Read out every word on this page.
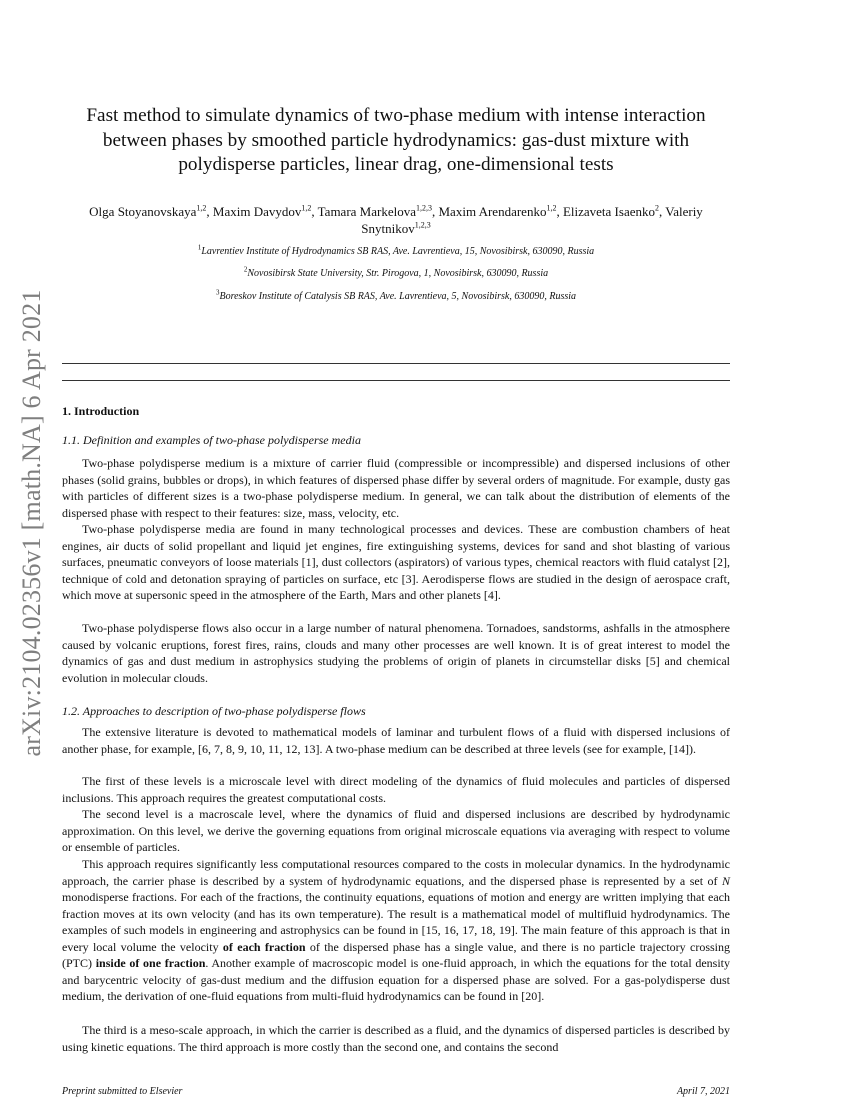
arXiv:2104.02356v1 [math.NA] 6 Apr 2021
Fast method to simulate dynamics of two-phase medium with intense interaction between phases by smoothed particle hydrodynamics: gas-dust mixture with polydisperse particles, linear drag, one-dimensional tests
Olga Stoyanovskaya$^{1,2}$, Maxim Davydov$^{1,2}$, Tamara Markelova$^{1,2,3}$, Maxim Arendarenko$^{1,2}$, Elizaveta Isaenko$^2$, Valeriy Snytnikov$^{1,2,3}$
$^1$Lavrentiev Institute of Hydrodynamics SB RAS, Ave. Lavrentieva, 15, Novosibirsk, 630090, Russia
$^2$Novosibirsk State University, Str. Pirogova, 1, Novosibirsk, 630090, Russia
$^3$Boreskov Institute of Catalysis SB RAS, Ave. Lavrentieva, 5, Novosibirsk, 630090, Russia
1. Introduction
1.1. Definition and examples of two-phase polydisperse media

Two-phase polydisperse medium is a mixture of carrier fluid (compressible or incompressible) and dispersed inclusions of other phases (solid grains, bubbles or drops), in which features of dispersed phase differ by several orders of magnitude. For example, dusty gas with particles of different sizes is a two-phase polydisperse medium. In general, we can talk about the distribution of elements of the dispersed phase with respect to their features: size, mass, velocity, etc.

Two-phase polydisperse media are found in many technological processes and devices. These are combustion chambers of heat engines, air ducts of solid propellant and liquid jet engines, fire extinguishing systems, devices for sand and shot blasting of various surfaces, pneumatic conveyors of loose materials [1], dust collectors (aspirators) of various types, chemical reactors with fluid catalyst [2], technique of cold and detonation spraying of particles on surface, etc [3]. Aerodisperse flows are studied in the design of aerospace craft, which move at supersonic speed in the atmosphere of the Earth, Mars and other planets [4].

Two-phase polydisperse flows also occur in a large number of natural phenomena. Tornadoes, sandstorms, ashfalls in the atmosphere caused by volcanic eruptions, forest fires, rains, clouds and many other processes are well known. It is of great interest to model the dynamics of gas and dust medium in astrophysics studying the problems of origin of planets in circumstellar disks [5] and chemical evolution in molecular clouds.

1.2. Approaches to description of two-phase polydisperse flows

The extensive literature is devoted to mathematical models of laminar and turbulent flows of a fluid with dispersed inclusions of another phase, for example, [6, 7, 8, 9, 10, 11, 12, 13]. A two-phase medium can be described at three levels (see for example, [14]).

The first of these levels is a microscale level with direct modeling of the dynamics of fluid molecules and particles of dispersed inclusions. This approach requires the greatest computational costs.

The second level is a macroscale level, where the dynamics of fluid and dispersed inclusions are described by hydrodynamic approximation. On this level, we derive the governing equations from original microscale equations via averaging with respect to volume or ensemble of particles.

This approach requires significantly less computational resources compared to the costs in molecular dynamics. In the hydrodynamic approach, the carrier phase is described by a system of hydrodynamic equations, and the dispersed phase is represented by a set of N monodisperse fractions. For each of the fractions, the continuity equations, equations of motion and energy are written implying that each fraction moves at its own velocity (and has its own temperature). The result is a mathematical model of multifluid hydrodynamics. The examples of such models in engineering and astrophysics can be found in [15, 16, 17, 18, 19]. The main feature of this approach is that in every local volume the velocity of each fraction of the dispersed phase has a single value, and there is no particle trajectory crossing (PTC) inside of one fraction. Another example of macroscopic model is one-fluid approach, in which the equations for the total density and barycentric velocity of gas-dust medium and the diffusion equation for a dispersed phase are solved. For a gas-polydisperse dust medium, the derivation of one-fluid equations from multi-fluid hydrodynamics can be found in [20].

The third is a meso-scale approach, in which the carrier is described as a fluid, and the dynamics of dispersed particles is described by using kinetic equations. The third approach is more costly than the second one, and contains the second

Preprint submitted to Elsevier	April 7, 2021
